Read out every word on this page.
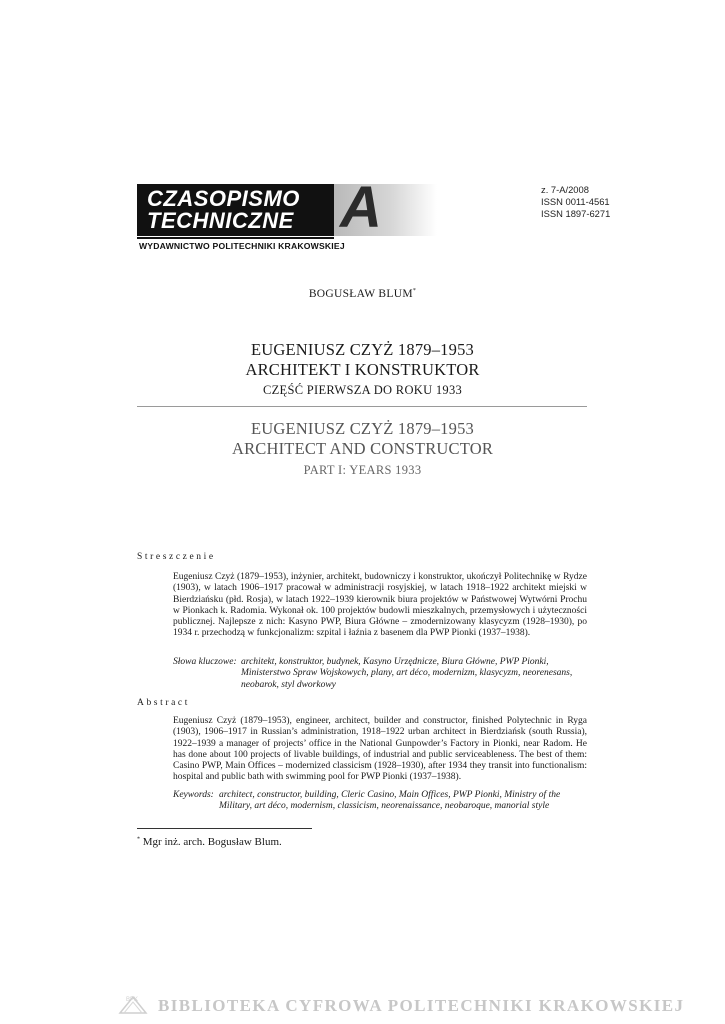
CZASOPISMO
TECHNICZNE A
WYDAWNICTWO POLITECHNIKI KRAKOWSKIEJ
z. 7-A/2008
ISSN 0011-4561
ISSN 1897-6271
BOGUSŁAW BLUM*
EUGENIUSZ CZYŻ 1879–1953
ARCHITEKT I KONSTRUKTOR
CZĘŚĆ PIERWSZA DO ROKU 1933
EUGENIUSZ CZYŻ 1879–1953
ARCHITECT AND CONSTRUCTOR
PART I: YEARS 1933
Streszczenie
Eugeniusz Czyż (1879–1953), inżynier, architekt, budowniczy i konstruktor, ukończył Politechnikę w Rydze (1903), w latach 1906–1917 pracował w administracji rosyjskiej, w latach 1918–1922 architekt miejski w Bierdziańsku (płd. Rosja), w latach 1922–1939 kierownik biura projektów w Państwowej Wytwórni Prochu w Pionkach k. Radomia. Wykonał ok. 100 projektów budowli mieszkalnych, przemysłowych i użyteczności publicznej. Najlepsze z nich: Kasyno PWP, Biura Główne – zmodernizowany klasycyzm (1928–1930), po 1934 r. przechodzą w funkcjonalizm: szpital i łaźnia z basenem dla PWP Pionki (1937–1938).
Słowa kluczowe: architekt, konstruktor, budynek, Kasyno Urzędnicze, Biura Główne, PWP Pionki, Ministerstwo Spraw Wojskowych, plany, art déco, modernizm, klasycyzm, neorenesans, neobarok, styl dworkowy
Abstract
Eugeniusz Czyż (1879–1953), engineer, architect, builder and constructor, finished Polytechnic in Ryga (1903), 1906–1917 in Russian’s administration, 1918–1922 urban architect in Bierdziańsk (south Russia), 1922–1939 a manager of projects’ office in the National Gunpowder’s Factory in Pionki, near Radom. He has done about 100 projects of livable buildings, of industrial and public serviceableness. The best of them: Casino PWP, Main Offices – modernized classicism (1928–1930), after 1934 they transit into functionalism: hospital and public bath with swimming pool for PWP Pionki (1937–1938).
Keywords: architect, constructor, building, Cleric Casino, Main Offices, PWP Pionki, Ministry of the Military, art déco, modernism, classicism, neorenaissance, neobaroque, manorial style
* Mgr inż. arch. Bogusław Blum.
BPK BIBLIOTEKA CYFROWA POLITECHNIKI KRAKOWSKIEJ
